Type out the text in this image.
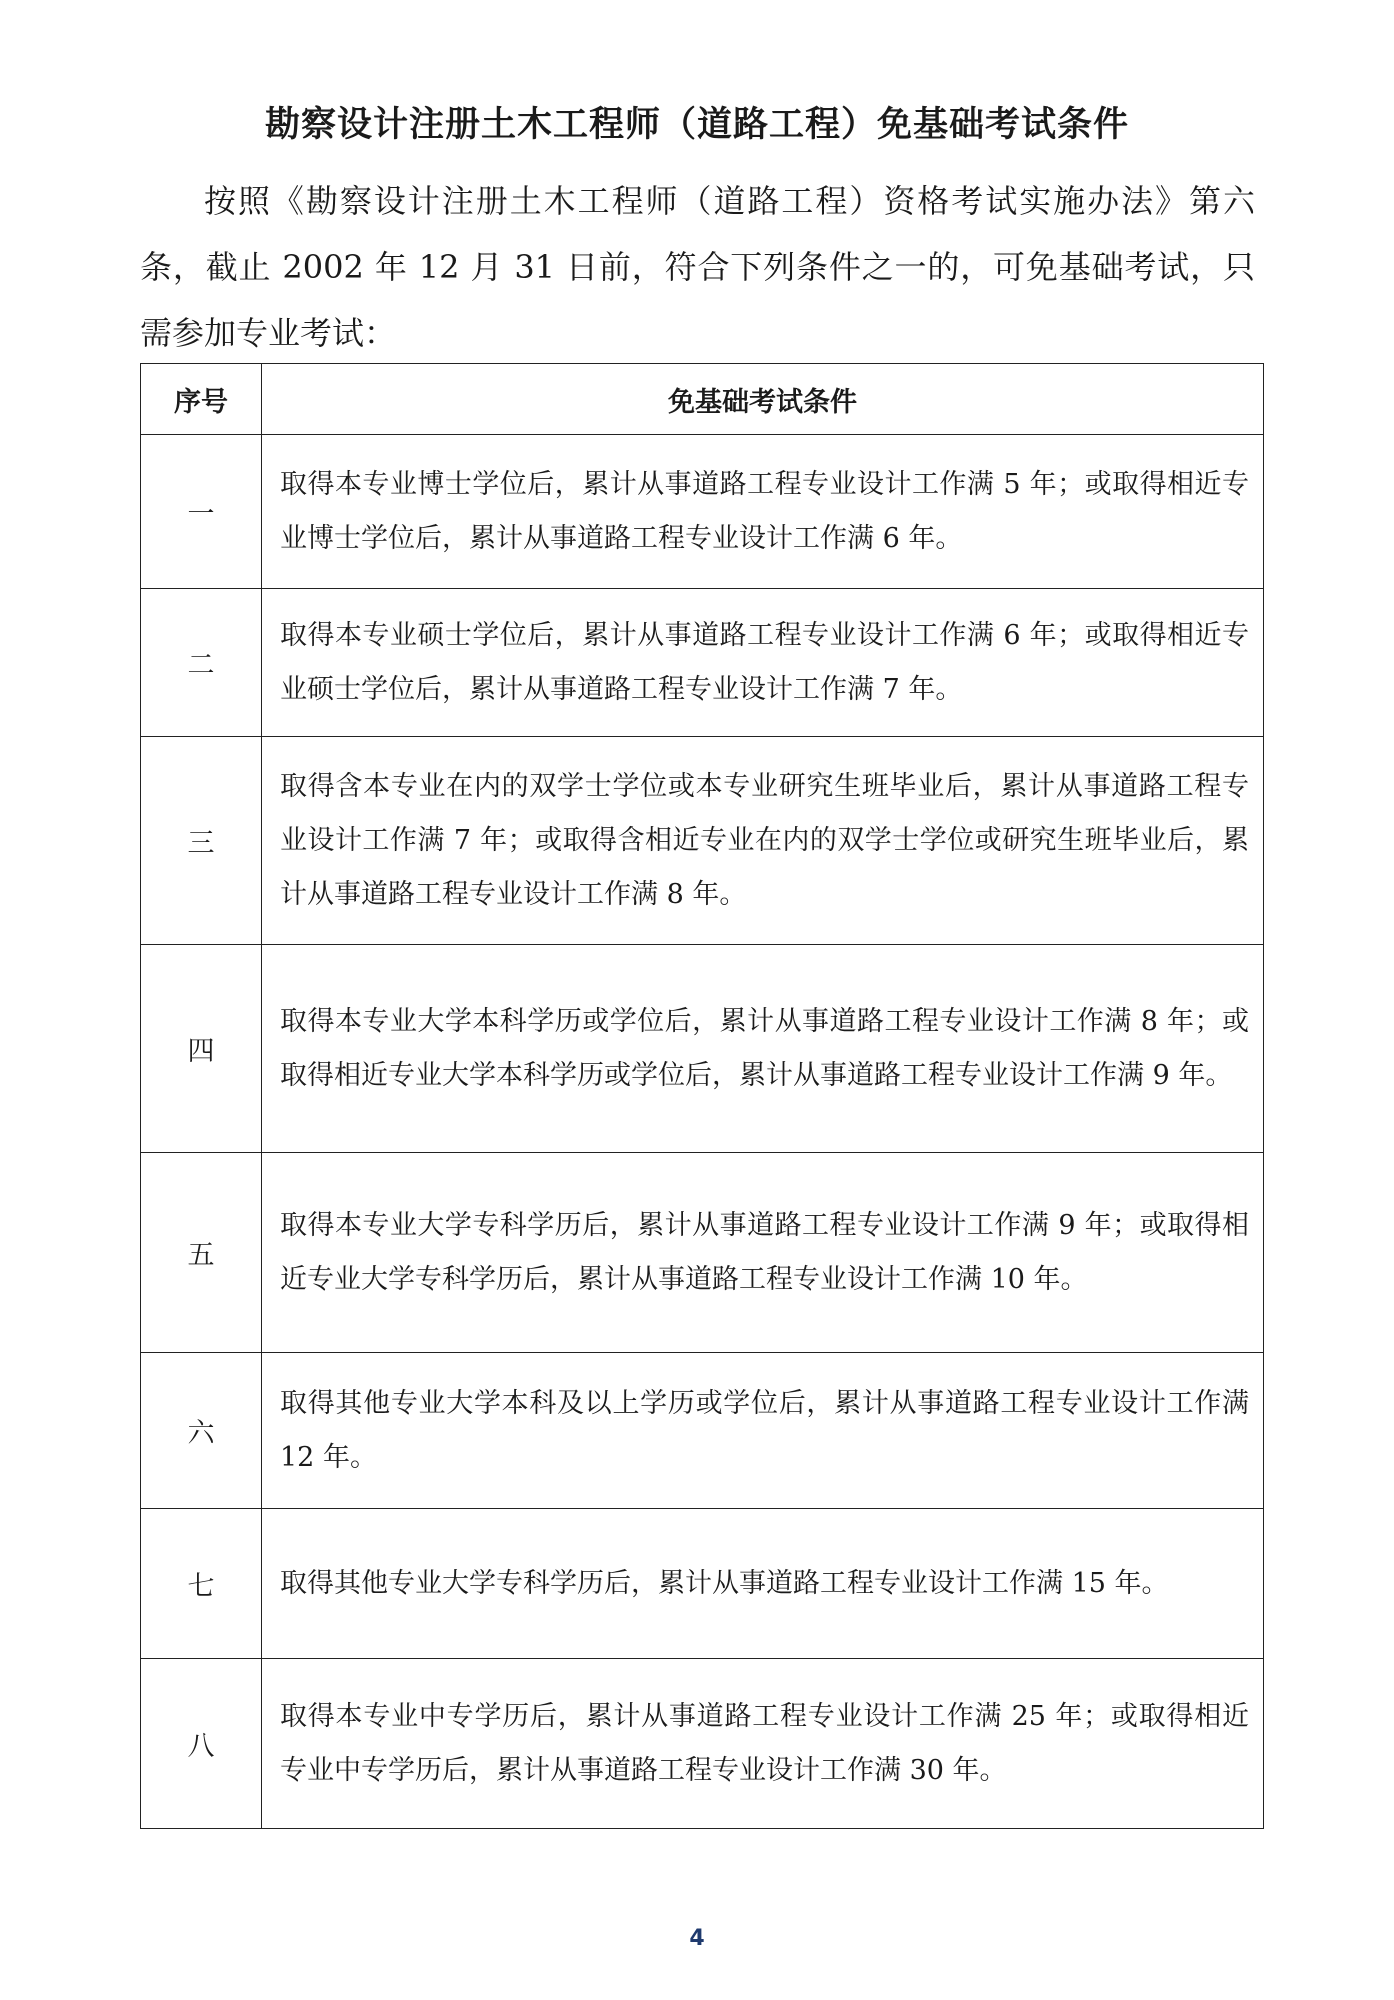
勘察设计注册土木工程师（道路工程）免基础考试条件

按照《勘察设计注册土木工程师（道路工程）资格考试实施办法》第六条，截止 2002 年 12 月 31 日前，符合下列条件之一的，可免基础考试，只需参加专业考试：

序号	免基础考试条件
一	取得本专业博士学位后，累计从事道路工程专业设计工作满 5 年；或取得相近专业博士学位后，累计从事道路工程专业设计工作满 6 年。
二	取得本专业硕士学位后，累计从事道路工程专业设计工作满 6 年；或取得相近专业硕士学位后，累计从事道路工程专业设计工作满 7 年。
三	取得含本专业在内的双学士学位或本专业研究生班毕业后，累计从事道路工程专业设计工作满 7 年；或取得含相近专业在内的双学士学位或研究生班毕业后，累计从事道路工程专业设计工作满 8 年。
四	取得本专业大学本科学历或学位后，累计从事道路工程专业设计工作满 8 年；或取得相近专业大学本科学历或学位后，累计从事道路工程专业设计工作满 9 年。
五	取得本专业大学专科学历后，累计从事道路工程专业设计工作满 9 年；或取得相近专业大学专科学历后，累计从事道路工程专业设计工作满 10 年。
六	取得其他专业大学本科及以上学历或学位后，累计从事道路工程专业设计工作满 12 年。
七	取得其他专业大学专科学历后，累计从事道路工程专业设计工作满 15 年。
八	取得本专业中专学历后，累计从事道路工程专业设计工作满 25 年；或取得相近专业中专学历后，累计从事道路工程专业设计工作满 30 年。
4
